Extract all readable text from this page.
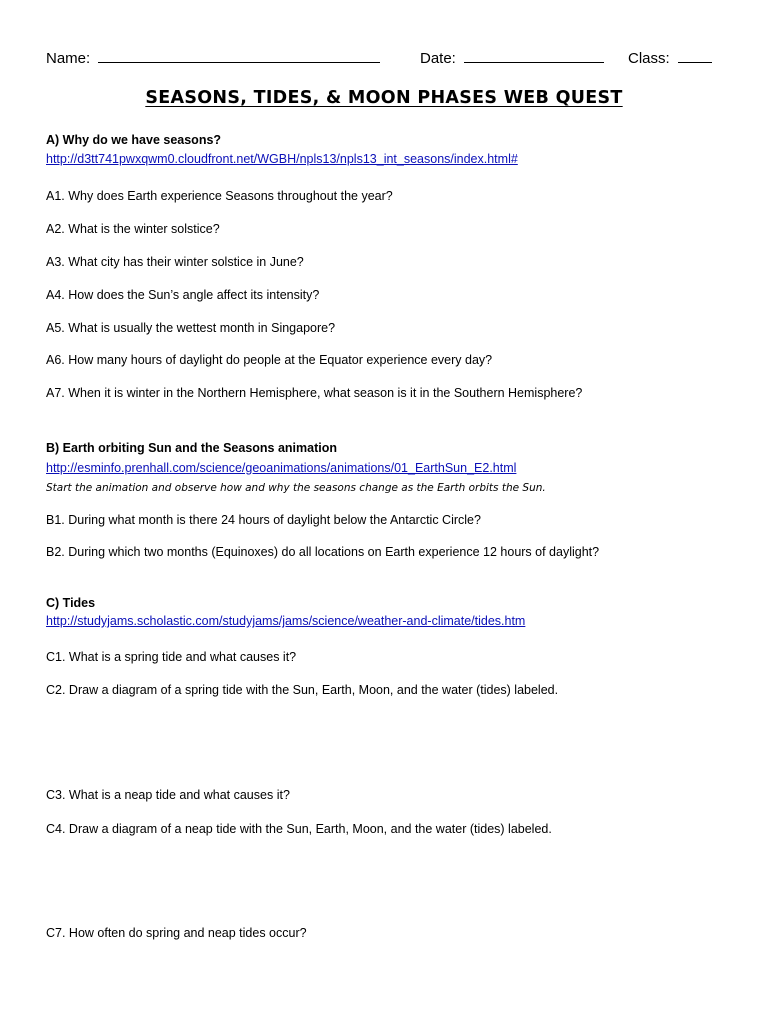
Name:	Date:	Class:
SEASONS, TIDES, & MOON PHASES WEB QUEST
A) Why do we have seasons?
http://d3tt741pwxqwm0.cloudfront.net/WGBH/npls13/npls13_int_seasons/index.html#
A1. Why does Earth experience Seasons throughout the year?
A2. What is the winter solstice?
A3. What city has their winter solstice in June?
A4. How does the Sun’s angle affect its intensity?
A5. What is usually the wettest month in Singapore?
A6. How many hours of daylight do people at the Equator experience every day?
A7. When it is winter in the Northern Hemisphere, what season is it in the Southern Hemisphere?
B) Earth orbiting Sun and the Seasons animation
http://esminfo.prenhall.com/science/geoanimations/animations/01_EarthSun_E2.html
Start the animation and observe how and why the seasons change as the Earth orbits the Sun.
B1. During what month is there 24 hours of daylight below the Antarctic Circle?
B2. During which two months (Equinoxes) do all locations on Earth experience 12 hours of daylight?
C) Tides
http://studyjams.scholastic.com/studyjams/jams/science/weather-and-climate/tides.htm
C1. What is a spring tide and what causes it?
C2. Draw a diagram of a spring tide with the Sun, Earth, Moon, and the water (tides) labeled.
C3. What is a neap tide and what causes it?
C4. Draw a diagram of a neap tide with the Sun, Earth, Moon, and the water (tides) labeled.
C7. How often do spring and neap tides occur?
